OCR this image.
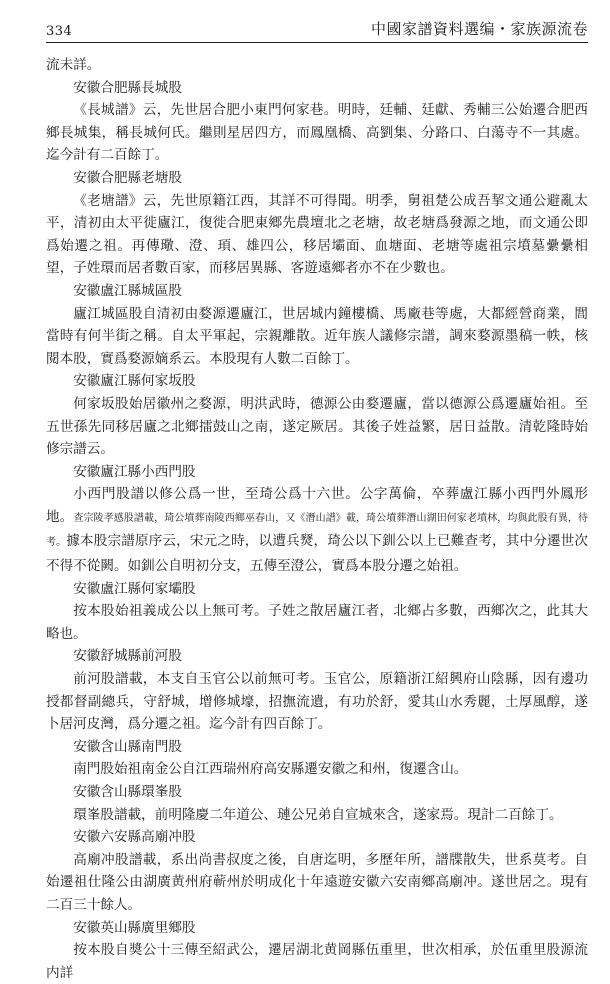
334	中國家譜資料選编・家族源流卷

流未詳。

安徽合肥縣長城股

《長城譜》云，先世居合肥小東門何家巷。明時，廷輔、廷獻、秀輔三公始遷合肥西鄉長城集，稱長城何氏。繼則星居四方，而鳳凰橋、高劉集、分路口、白蕩寺不一其處。迄今計有二百餘丁。

安徽合肥縣老塘股

《老塘譜》云，先世原籍江西，其詳不可得聞。明季，舅祖楚公成吾挈文通公避亂太平，清初由太平徙廬江，復徙合肥東鄉先農壇北之老塘，故老塘爲發源之地，而文通公即爲始遷之祖。再傳璥、澄、頊、雄四公，移居壩面、血塘面、老塘等處祖宗墳墓纍纍相望，子姓環而居者數百家，而移居異縣、客遊遠鄉者亦不在少數也。

安徽盧江縣城區股

廬江城區股自清初由婺源遷廬江，世居城内鐘樓橋、馬廠巷等處，大都經營商業，閭當時有何半街之稱。自太平軍起，宗親離散。近年族人議修宗譜，調來婺源墨稿一帙，核閱本股，實爲婺源嫡系云。本股現有人數二百餘丁。

安徽廬江縣何家坂股

何家坂股始居徽州之婺源，明洪武時，德源公由婺遷廬，當以德源公爲遷廬始祖。至五世孫先同移居廬之北鄉擂鼓山之南，遂定厥居。其後子姓益繁，居日益散。清乾隆時始修宗譜云。

安徽廬江縣小西門股

小西門股譜以修公爲一世，至琦公爲十六世。公字萬倫，卒葬盧江縣小西門外鳳形地。查宗陵孝感股譜載，琦公墳葬南陵西鄉巫春山，又《潛山譜》載，琦公墳葬潛山湖田何家老墳林，均與此股有異，待考。據本股宗譜原序云，宋元之時，以遭兵燹，琦公以下釧公以上已難查考，其中分遷世次不得不從闕。如釧公自明初分支，五傳至澄公，實爲本股分遷之始祖。

安徽盧江縣何家壩股

按本股始祖義成公以上無可考。子姓之散居廬江者，北鄉占多數，西鄉次之，此其大略也。

安徽舒城縣前河股

前河股譜載，本支自玉官公以前無可考。玉官公，原籍浙江紹興府山陰縣，因有邊功授都督副總兵，守舒城，增修城壕，招撫流遺，有功於舒，愛其山水秀麗，土厚風醇，遂卜居河皮灣，爲分遷之祖。迄今計有四百餘丁。

安徽含山縣南門股

南門股始祖南金公自江西瑞州府高安縣遷安徽之和州，復遷含山。

安徽含山縣環峯股

環峯股譜載，前明隆慶二年道公、璉公兄弟自宣城來含，遂家焉。現計二百餘丁。

安徽六安縣高廟冲股

高廟冲股譜載，系出尚書叔度之後，自唐迄明，多歷年所，譜牒散失，世系莫考。自始遷祖仕隆公由湖廣黄州府蕲州於明成化十年遠遊安徽六安南鄉高廟冲。遂世居之。現有二百三十餘人。

安徽英山縣廣里鄉股

按本股自奬公十三傳至紹武公，遷居湖北黄岡縣伍重里，世次相承，於伍重里股源流内詳
